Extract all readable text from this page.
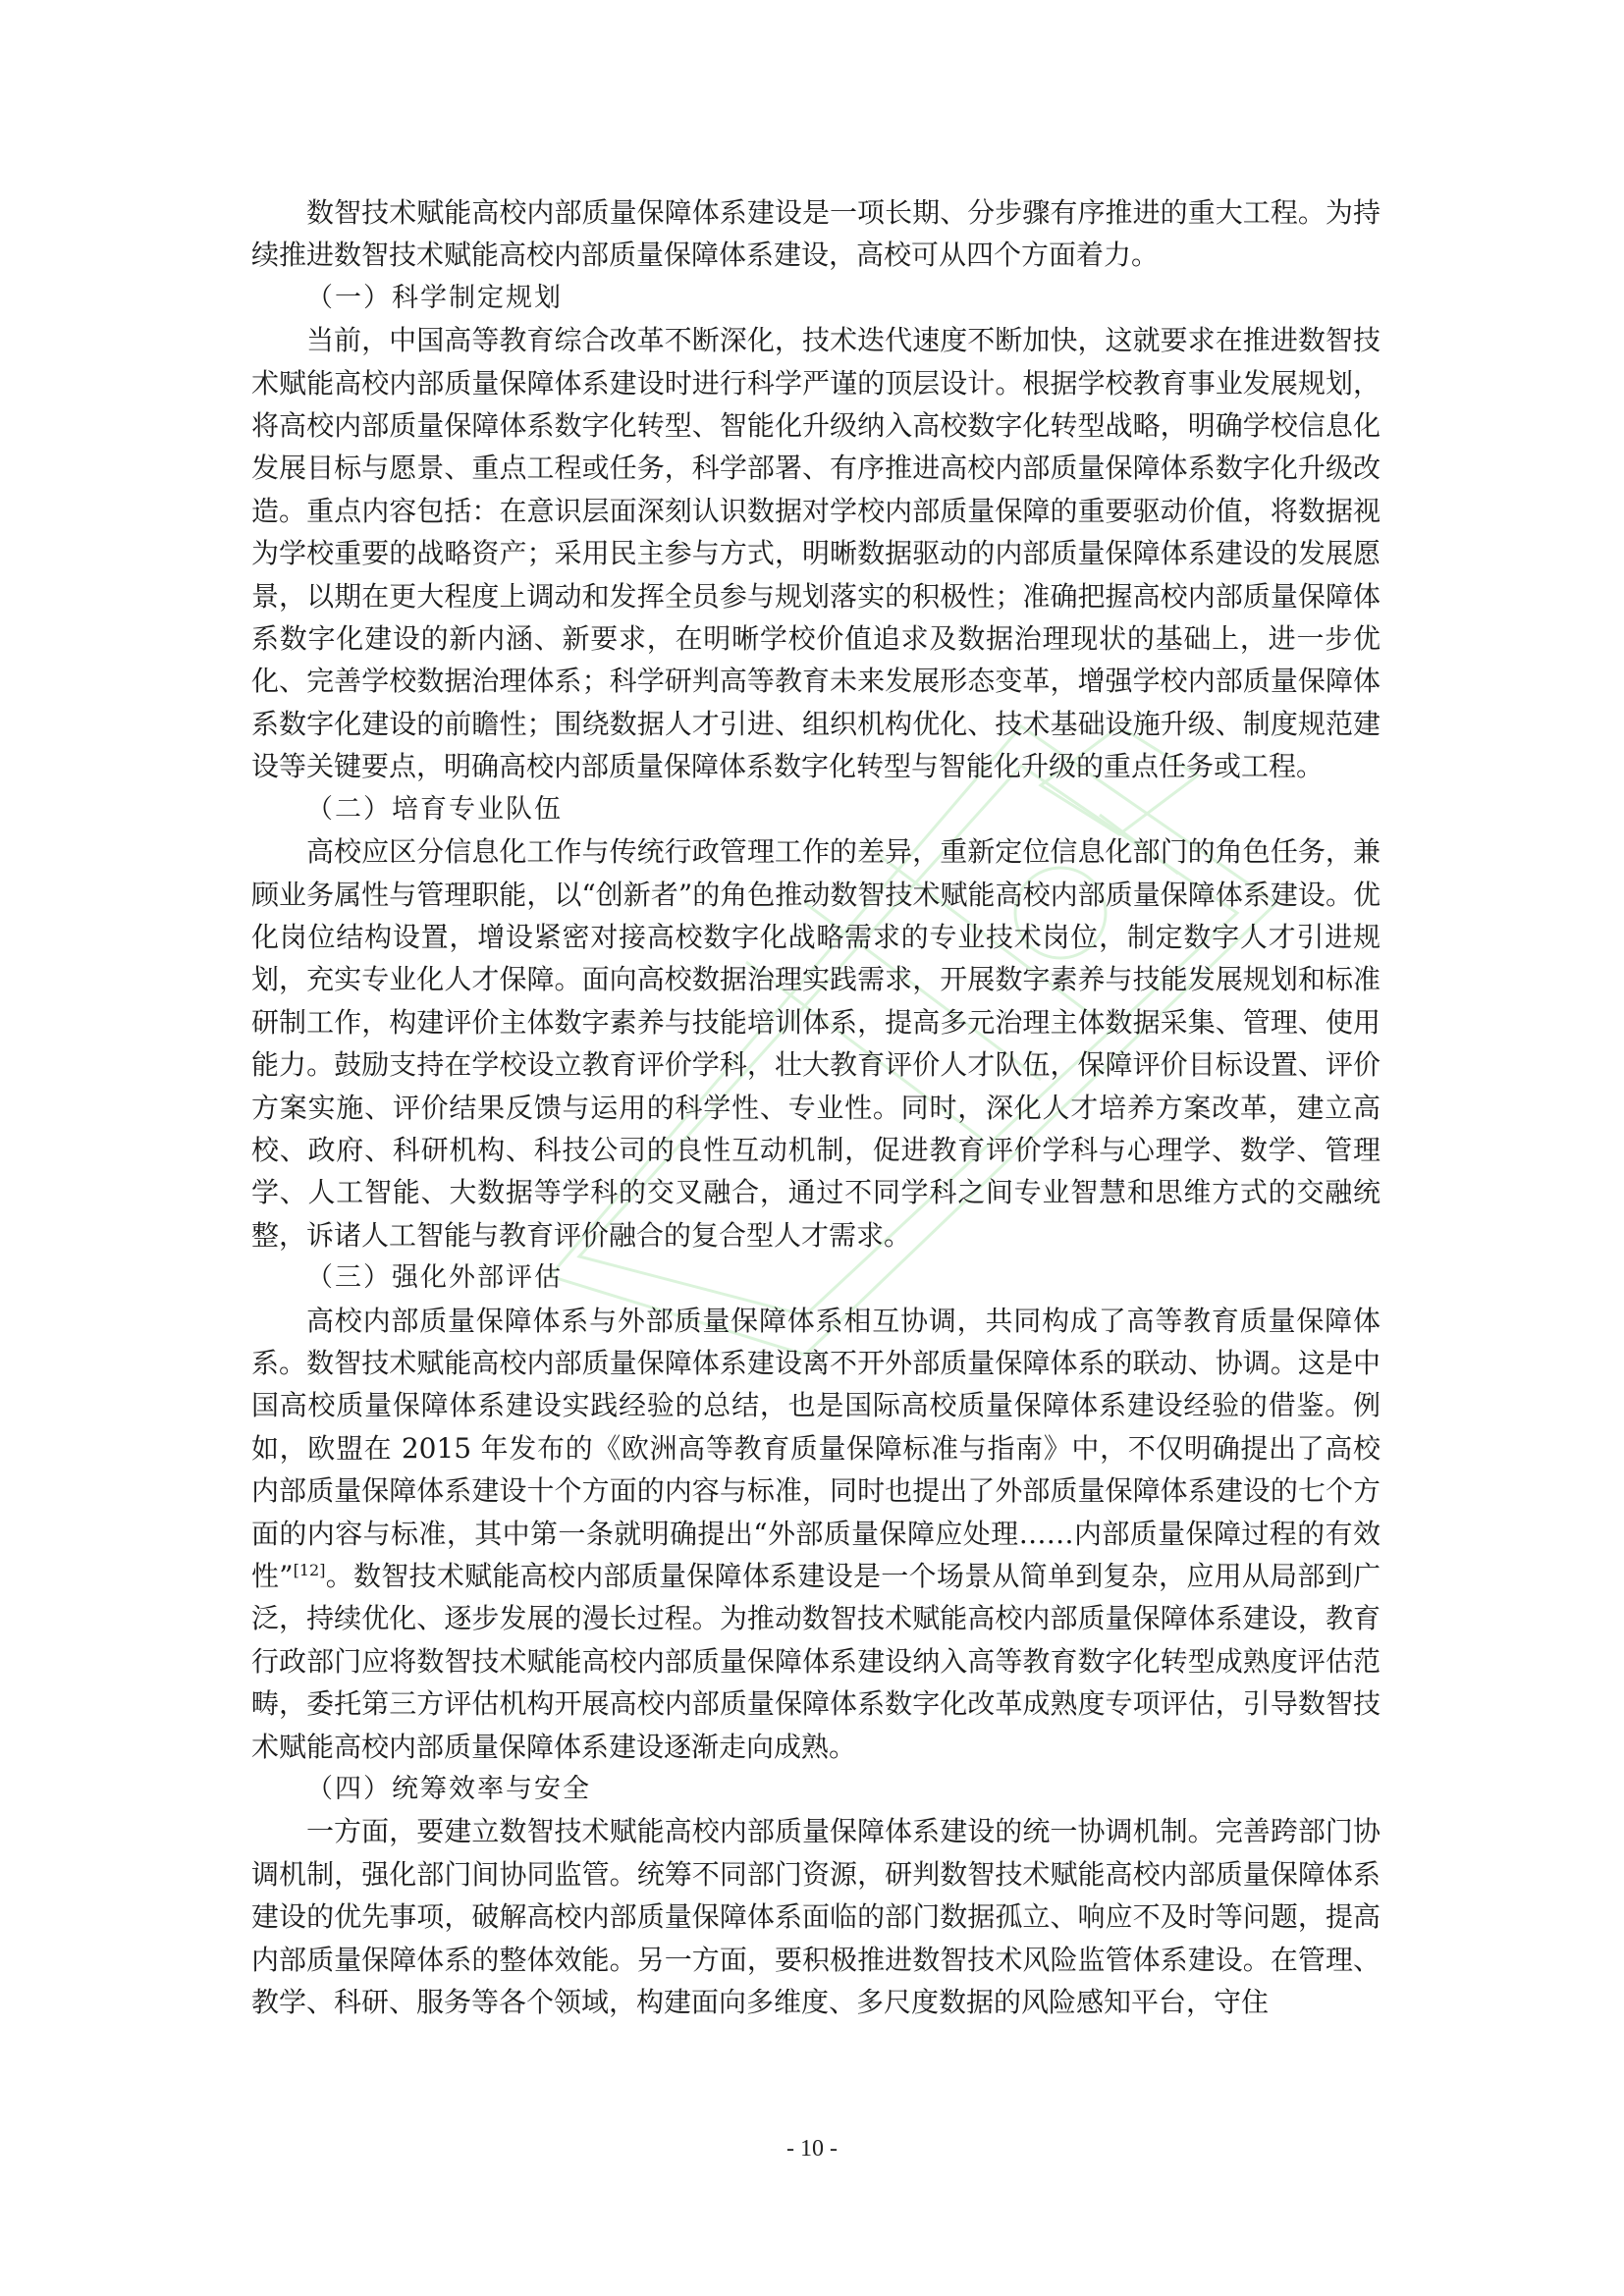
数智技术赋能高校内部质量保障体系建设是一项长期、分步骤有序推进的重大工程。为持续推进数智技术赋能高校内部质量保障体系建设，高校可从四个方面着力。

（一）科学制定规划

当前，中国高等教育综合改革不断深化，技术迭代速度不断加快，这就要求在推进数智技术赋能高校内部质量保障体系建设时进行科学严谨的顶层设计。根据学校教育事业发展规划，将高校内部质量保障体系数字化转型、智能化升级纳入高校数字化转型战略，明确学校信息化发展目标与愿景、重点工程或任务，科学部署、有序推进高校内部质量保障体系数字化升级改造。重点内容包括：在意识层面深刻认识数据对学校内部质量保障的重要驱动价值，将数据视为学校重要的战略资产；采用民主参与方式，明晰数据驱动的内部质量保障体系建设的发展愿景，以期在更大程度上调动和发挥全员参与规划落实的积极性；准确把握高校内部质量保障体系数字化建设的新内涵、新要求，在明晰学校价值追求及数据治理现状的基础上，进一步优化、完善学校数据治理体系；科学研判高等教育未来发展形态变革，增强学校内部质量保障体系数字化建设的前瞻性；围绕数据人才引进、组织机构优化、技术基础设施升级、制度规范建设等关键要点，明确高校内部质量保障体系数字化转型与智能化升级的重点任务或工程。

（二）培育专业队伍

高校应区分信息化工作与传统行政管理工作的差异，重新定位信息化部门的角色任务，兼顾业务属性与管理职能，以“创新者”的角色推动数智技术赋能高校内部质量保障体系建设。优化岗位结构设置，增设紧密对接高校数字化战略需求的专业技术岗位，制定数字人才引进规划，充实专业化人才保障。面向高校数据治理实践需求，开展数字素养与技能发展规划和标准研制工作，构建评价主体数字素养与技能培训体系，提高多元治理主体数据采集、管理、使用能力。鼓励支持在学校设立教育评价学科，壮大教育评价人才队伍，保障评价目标设置、评价方案实施、评价结果反馈与运用的科学性、专业性。同时，深化人才培养方案改革，建立高校、政府、科研机构、科技公司的良性互动机制，促进教育评价学科与心理学、数学、管理学、人工智能、大数据等学科的交叉融合，通过不同学科之间专业智慧和思维方式的交融统整，诉诸人工智能与教育评价融合的复合型人才需求。

（三）强化外部评估

高校内部质量保障体系与外部质量保障体系相互协调，共同构成了高等教育质量保障体系。数智技术赋能高校内部质量保障体系建设离不开外部质量保障体系的联动、协调。这是中国高校质量保障体系建设实践经验的总结，也是国际高校质量保障体系建设经验的借鉴。例如，欧盟在 2015 年发布的《欧洲高等教育质量保障标准与指南》中，不仅明确提出了高校内部质量保障体系建设十个方面的内容与标准，同时也提出了外部质量保障体系建设的七个方面的内容与标准，其中第一条就明确提出“外部质量保障应处理……内部质量保障过程的有效性”[12]。数智技术赋能高校内部质量保障体系建设是一个场景从简单到复杂，应用从局部到广泛，持续优化、逐步发展的漫长过程。为推动数智技术赋能高校内部质量保障体系建设，教育行政部门应将数智技术赋能高校内部质量保障体系建设纳入高等教育数字化转型成熟度评估范畴，委托第三方评估机构开展高校内部质量保障体系数字化改革成熟度专项评估，引导数智技术赋能高校内部质量保障体系建设逐渐走向成熟。

（四）统筹效率与安全

一方面，要建立数智技术赋能高校内部质量保障体系建设的统一协调机制。完善跨部门协调机制，强化部门间协同监管。统筹不同部门资源，研判数智技术赋能高校内部质量保障体系建设的优先事项，破解高校内部质量保障体系面临的部门数据孤立、响应不及时等问题，提高内部质量保障体系的整体效能。另一方面，要积极推进数智技术风险监管体系建设。在管理、教学、科研、服务等各个领域，构建面向多维度、多尺度数据的风险感知平台，守住

- 10 -
